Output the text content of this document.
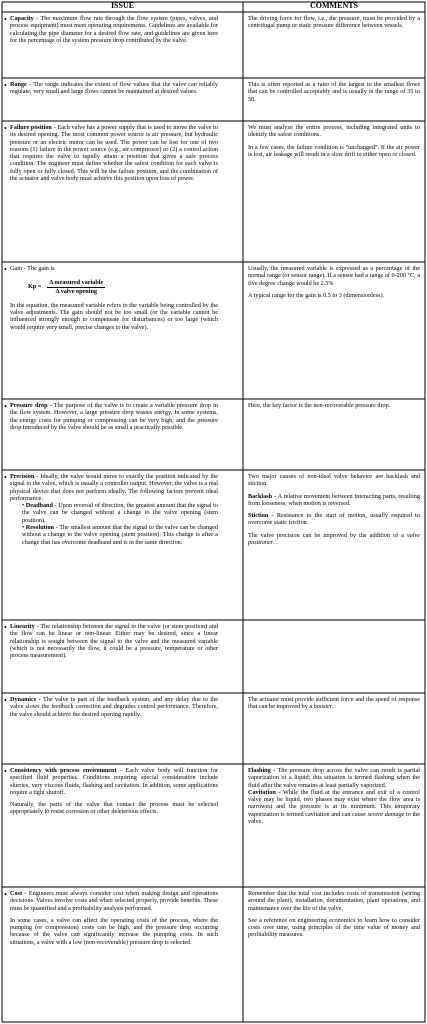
ISSUE	COMMENTS
• Capacity - The maximum flow rate through the flow system (pipes, valves, and process equipment) must meet operating requirements. Guidelines are available for calculating the pipe diameter for a desired flow rate, and guidelines are given here for the percentage of the system pressure drop contributed by the valve.
The driving force for flow, i.e., the pressure, must be provided by a centrifugal pump or static pressure difference between vessels.
• Range - The range indicates the extent of flow values that the valve can reliably regulate; very small and large flows cannot be maintained at desired values.
This is often reported as a ratio of the largest to the smallest flows that can be controlled acceptably and is usually in the range of 35 to 50.
• Failure position - Each valve has a power supply that is used to move the valve to its desired opening. The most common power source is air pressure, but hydraulic pressure or an electric motor can be used. The power can be lost for one of two reasons (1) failure in the power source (e.g., air compressor) or (2) a control action that requires the valve to rapidly attain a position that gives a safe process condition. The engineer must define whether the safest condition for each valve is fully open or fully closed. This will be the failure position, and the combination of the actuator and valve body must achieve this position upon loss of power.

We must analyze the entire process, including integrated units to identify the safest conditions.

In a few cases, the failure condition is "unchanged". If the air power is lost, air leakage will result in a slow drift to either open or closed.

• Gain - The gain is
Kp =
Δ measured variable
Δ valve opening
In the equation, the measured variable refers to the variable being controlled by the valve adjustments. The gain should not be too small (or the variable cannot be influenced strongly enough to compensate for disturbances) or too large (which would require very small, precise changes to the valve).

Usually, the measured variable is expressed as a percentage of the normal range (or sensor range). If a sensor had a range of 0-200 °C, a five degree change would be 2.5%

A typical range for the gain is 0.5 to 3 (dimensionless).

• Pressure drop - The purpose of the valve is to create a variable pressure drop in the flow system. However, a large pressure drop wastes energy. In some systems, the energy costs for pumping or compressing can be very high, and the pressure drop introduced by the valve should be as small a practically possible.
Here, the key factor is the non-recoverable pressure drop.
• Precision - Ideally, the valve would move to exactly the position indicated by the signal to the valve, which is usually a controller output. However, the valve is a real physical device that does not perform ideally. The following factors prevent ideal performance.
• Deadband - Upon reversal of direction, the greatest amount that the signal to the valve can be changed without a change to the valve opening (stem position).
• Resolution - The smallest amount that the signal to the valve can be changed without a change to the valve opening (stem position). This change is after a change that has overcome deadband and is in the same direction.

Two major causes of non-ideal valve behavior are backlash and stiction.

Backlash - A relative movement between interacting parts, resulting from looseness, when motion is reversed.

Stiction - Resistance to the start of motion, usually required to overcome static friction.

The valve precision can be improved by the addition of a valve positioner. .

• Linearity - The relationship between the signal to the valve (or stem position) and the flow can be linear or non-linear. Either may be desired, since a linear relationship is sought between the signal to the valve and the measured variable (which is not necessarily the flow, it could be a pressure, temperature or other process measurement).
• Dynamics - The valve is part of the feedback system, and any delay due to the valve slows the feedback correction and degrades control performance. Therefore, the valve should achieve the desired opening rapidly.
The actuator must provide sufficient force and the speed of response that can be improved by a booster.
• Consistency with process environment - Each valve body will function for specified fluid properties. Conditions requiring special consideration include slurries, very viscous fluids, flashing and cavitation. In addition, some applications require a tight shutoff.

Naturally, the parts of the valve that contact the process must be selected appropriately to resist corrosion or other deleterious effects.

Flashing - The pressure drop across the valve can result is partial vaporization of a liquid; this situation is termed flashing when the fluid after the valve remains at least partially vaporized.
Cavitation - While the fluid at the entrance and exit of a control valve may be liquid, two phases may exist where the flow area is narrowest and the pressure is at its minimum. This temporary vaporization is termed cavitation and can cause severe damage to the valve.
• Cost - Engineers must always consider cost when making design and operations decisions. Valves involve costs and when selected properly, provide benefits. These must be quantified and a profitability analysis performed.

In some cases, a valve can affect the operating costs of the process, where the pumping (or compression) costs can be high, and the pressure drop occurring because of the valve can significantly increase the pumping costs. In such situations, a valve with a low (non-recoverable) pressure drop is selected.

Remember that the total cost includes costs of transmission (wiring around the plant), installation, documentation, plant operations, and maintenance over the life of the valve.

See a reference on engineering economics to learn how to consider costs over time, using principles of the time value of money and profitability measures.
